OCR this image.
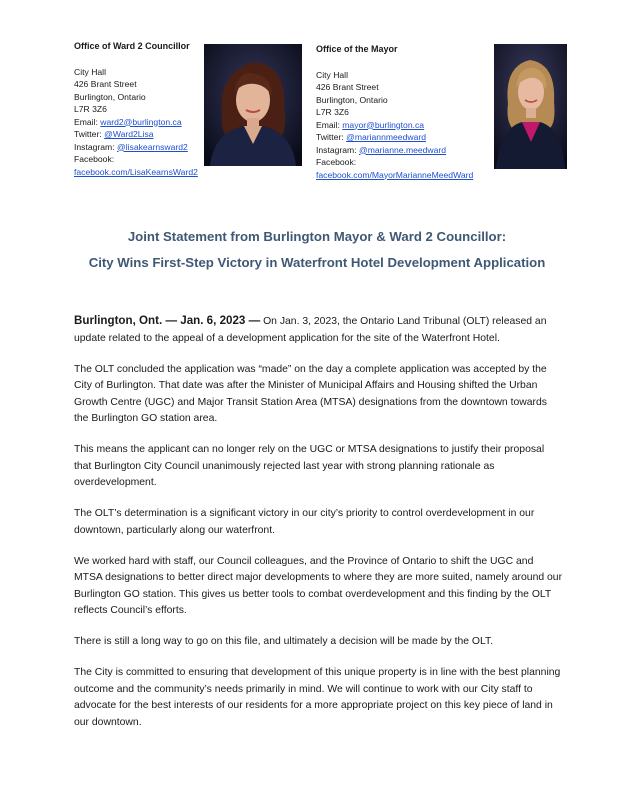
Office of Ward 2 Councillor
City Hall
426 Brant Street
Burlington, Ontario
L7R 3Z6
Email: ward2@burlington.ca
Twitter: @Ward2Lisa
Instagram: @lisakearnsward2
Facebook:
facebook.com/LisaKearnsWard2
Office of the Mayor
City Hall
426 Brant Street
Burlington, Ontario
L7R 3Z6
Email: mayor@burlington.ca
Twitter: @mariannmeedward
Instagram: @marianne.meedward
Facebook:
facebook.com/MayorMarianneMeedWard
Joint Statement from Burlington Mayor & Ward 2 Councillor:
City Wins First-Step Victory in Waterfront Hotel Development Application

Burlington, Ont. — Jan. 6, 2023 — On Jan. 3, 2023, the Ontario Land Tribunal (OLT) released an update related to the appeal of a development application for the site of the Waterfront Hotel.

The OLT concluded the application was “made” on the day a complete application was accepted by the City of Burlington. That date was after the Minister of Municipal Affairs and Housing shifted the Urban Growth Centre (UGC) and Major Transit Station Area (MTSA) designations from the downtown towards the Burlington GO station area.

This means the applicant can no longer rely on the UGC or MTSA designations to justify their proposal that Burlington City Council unanimously rejected last year with strong planning rationale as overdevelopment.

The OLT’s determination is a significant victory in our city’s priority to control overdevelopment in our downtown, particularly along our waterfront.

We worked hard with staff, our Council colleagues, and the Province of Ontario to shift the UGC and MTSA designations to better direct major developments to where they are more suited, namely around our Burlington GO station. This gives us better tools to combat overdevelopment and this finding by the OLT reflects Council’s efforts.

There is still a long way to go on this file, and ultimately a decision will be made by the OLT.

The City is committed to ensuring that development of this unique property is in line with the best planning outcome and the community’s needs primarily in mind. We will continue to work with our City staff to advocate for the best interests of our residents for a more appropriate project on this key piece of land in our downtown.
